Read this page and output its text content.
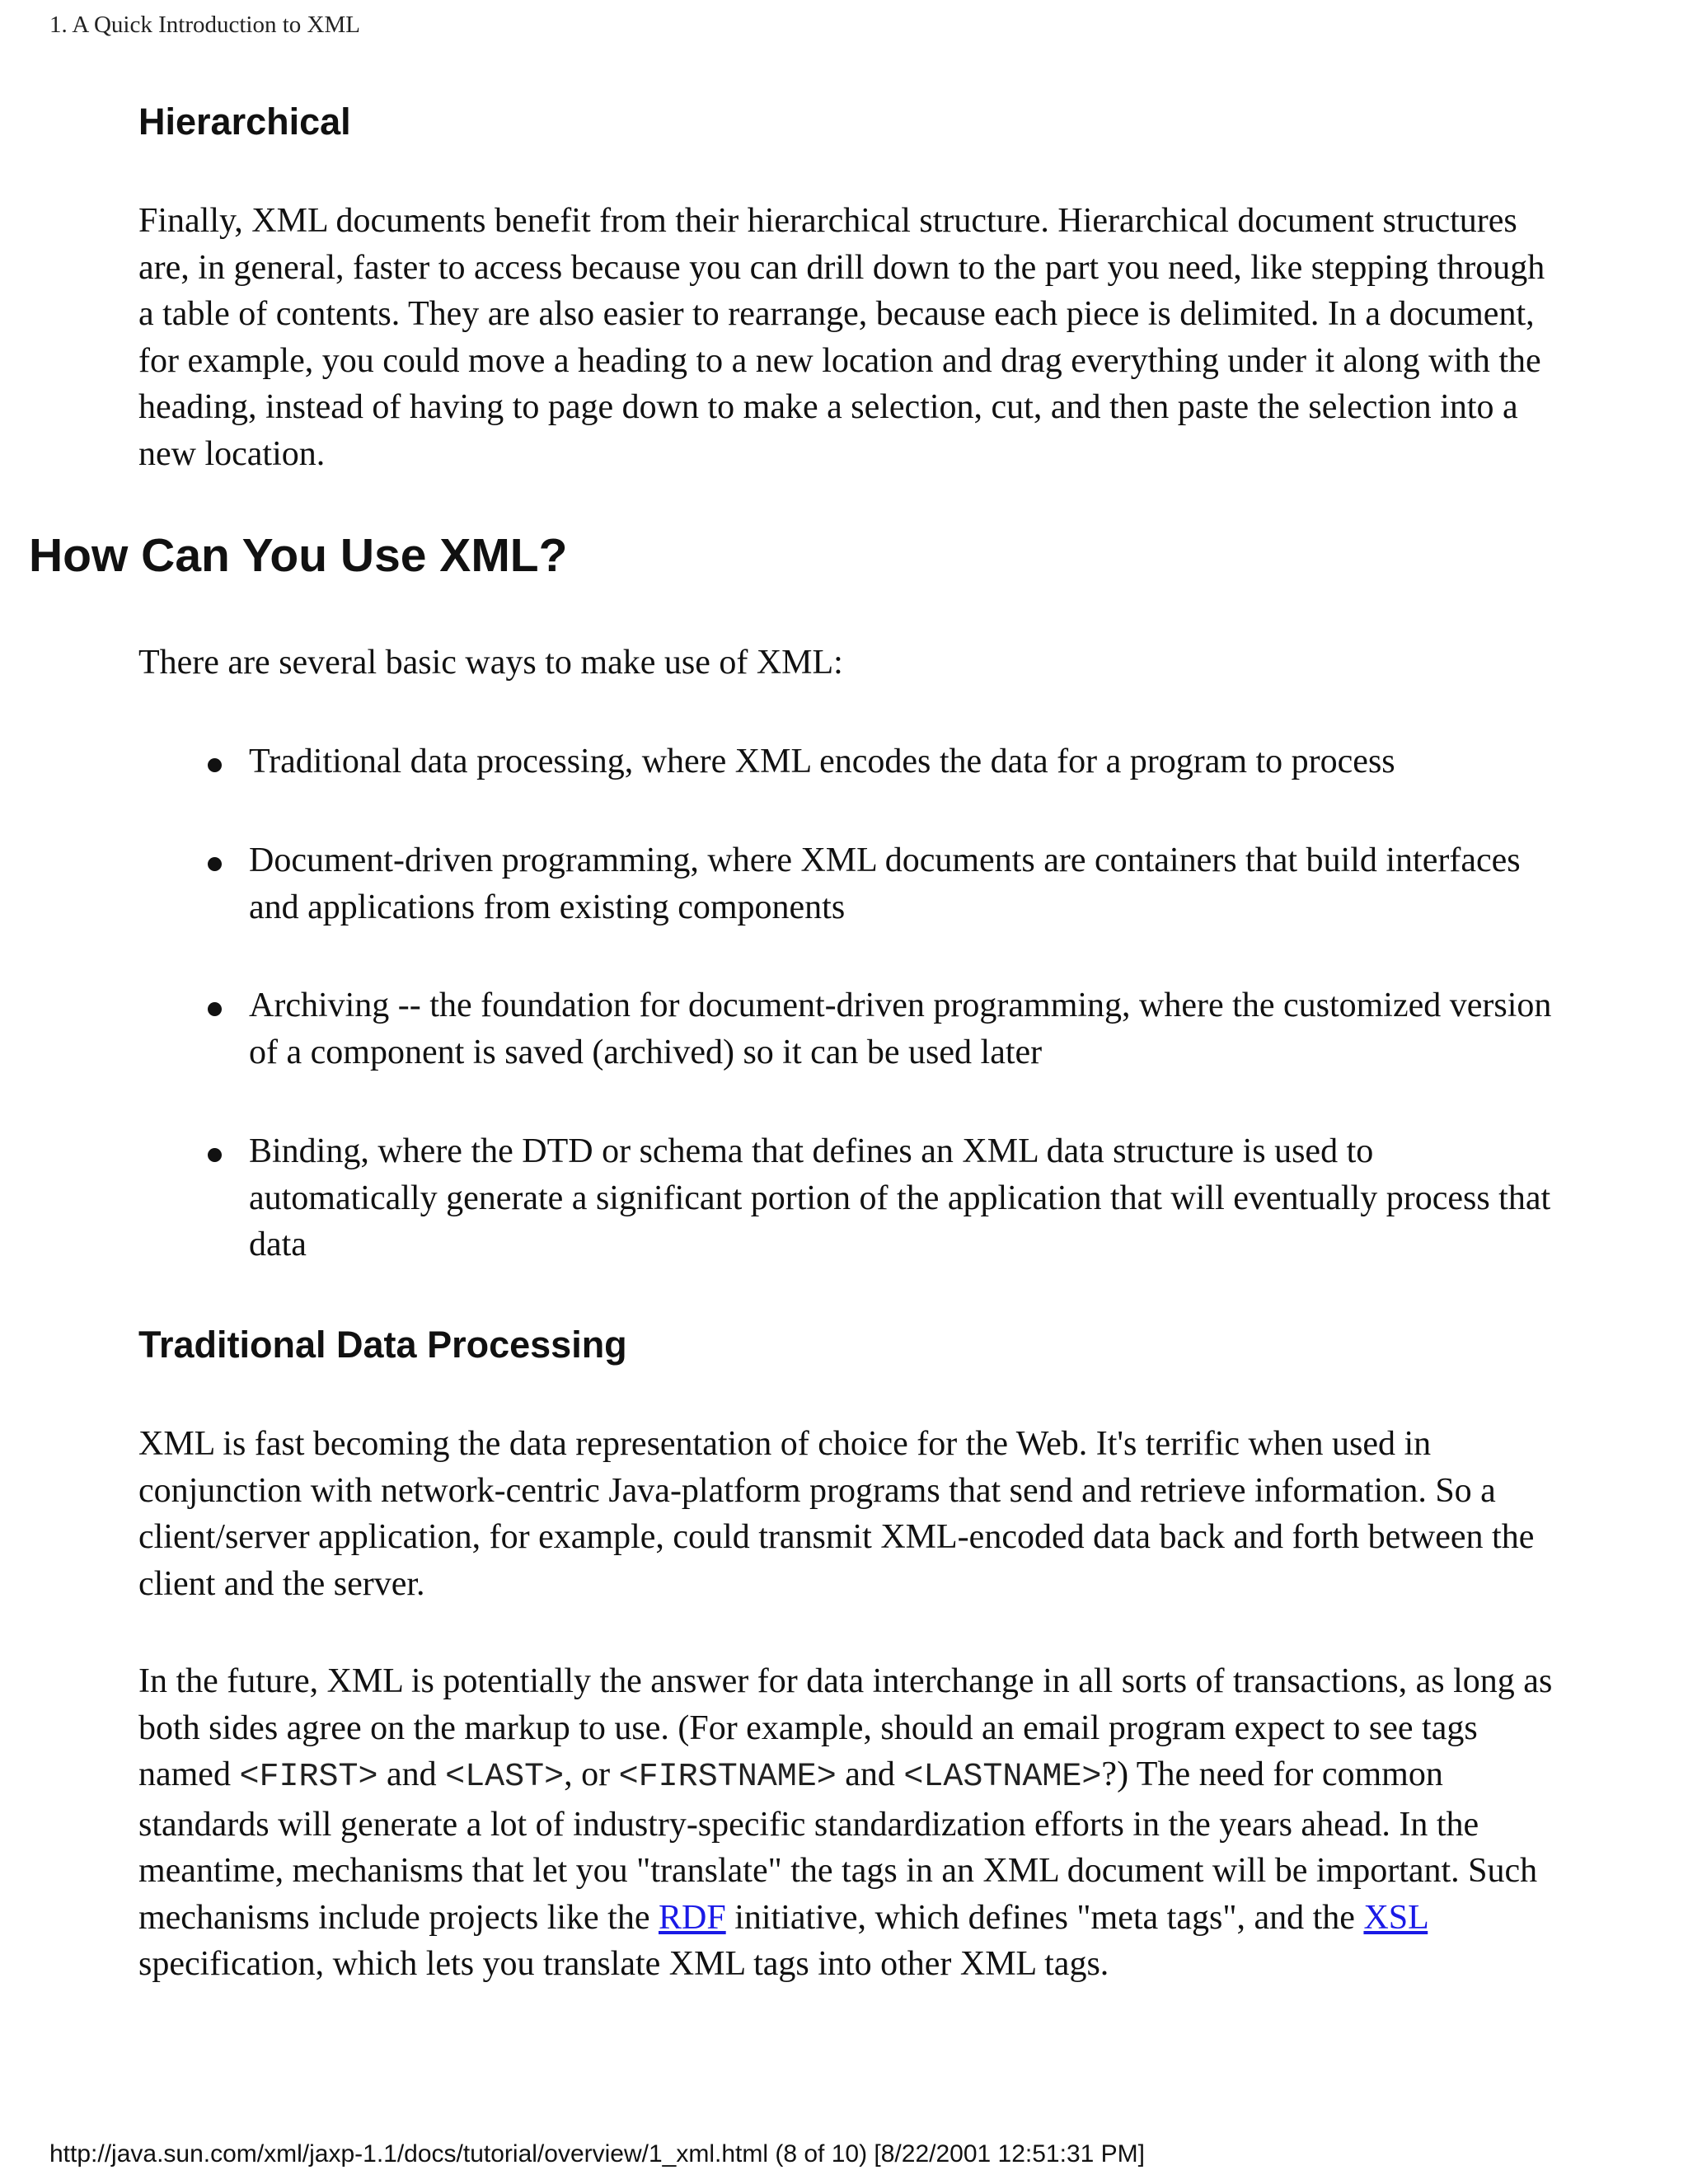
1. A Quick Introduction to XML
Hierarchical

Finally, XML documents benefit from their hierarchical structure. Hierarchical document structures are, in general, faster to access because you can drill down to the part you need, like stepping through a table of contents. They are also easier to rearrange, because each piece is delimited. In a document, for example, you could move a heading to a new location and drag everything under it along with the heading, instead of having to page down to make a selection, cut, and then paste the selection into a new location.

How Can You Use XML?

There are several basic ways to make use of XML:

Traditional data processing, where XML encodes the data for a program to process
Document-driven programming, where XML documents are containers that build interfaces and applications from existing components
Archiving -- the foundation for document-driven programming, where the customized version of a component is saved (archived) so it can be used later
Binding, where the DTD or schema that defines an XML data structure is used to automatically generate a significant portion of the application that will eventually process that data
Traditional Data Processing

XML is fast becoming the data representation of choice for the Web. It's terrific when used in conjunction with network-centric Java-platform programs that send and retrieve information. So a client/server application, for example, could transmit XML-encoded data back and forth between the client and the server.

In the future, XML is potentially the answer for data interchange in all sorts of transactions, as long as both sides agree on the markup to use. (For example, should an email program expect to see tags named <FIRST> and <LAST>, or <FIRSTNAME> and <LASTNAME>?) The need for common standards will generate a lot of industry-specific standardization efforts in the years ahead. In the meantime, mechanisms that let you "translate" the tags in an XML document will be important. Such mechanisms include projects like the RDF initiative, which defines "meta tags", and the XSL specification, which lets you translate XML tags into other XML tags.

http://java.sun.com/xml/jaxp-1.1/docs/tutorial/overview/1_xml.html (8 of 10) [8/22/2001 12:51:31 PM]
